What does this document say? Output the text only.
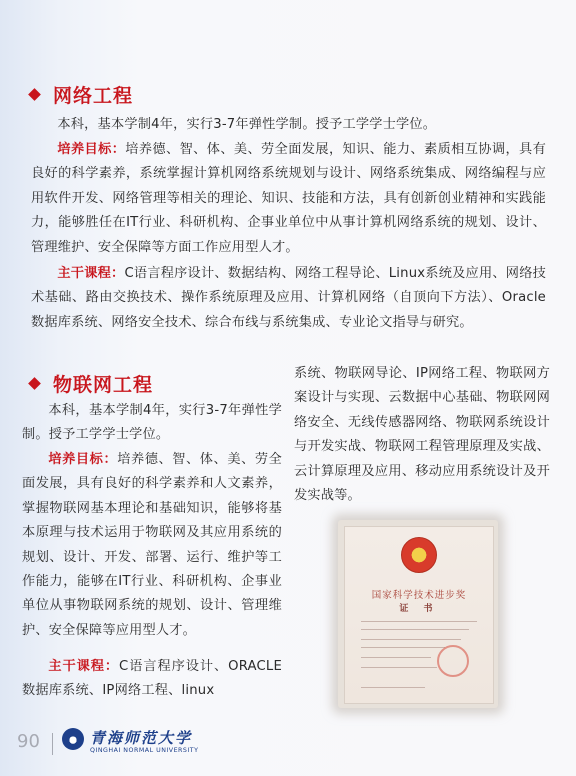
网络工程

本科，基本学制4年，实行3-7年弹性学制。授予工学学士学位。

培养目标：培养德、智、体、美、劳全面发展，知识、能力、素质相互协调，具有良好的科学素养，系统掌握计算机网络系统规划与设计、网络系统集成、网络编程与应用软件开发、网络管理等相关的理论、知识、技能和方法，具有创新创业精神和实践能力，能够胜任在IT行业、科研机构、企事业单位中从事计算机网络系统的规划、设计、管理维护、安全保障等方面工作应用型人才。

主干课程：C语言程序设计、数据结构、网络工程导论、Linux系统及应用、网络技术基础、路由交换技术、操作系统原理及应用、计算机网络（自顶向下方法）、Oracle数据库系统、网络安全技术、综合布线与系统集成、专业论文指导与研究。

物联网工程

本科，基本学制4年，实行3-7年弹性学制。授予工学学士学位。

培养目标：培养德、智、体、美、劳全面发展，具有良好的科学素养和人文素养，掌握物联网基本理论和基础知识，能够将基本原理与技术运用于物联网及其应用系统的规划、设计、开发、部署、运行、维护等工作能力，能够在IT行业、科研机构、企事业单位从事物联网系统的规划、设计、管理维护、安全保障等应用型人才。

主干课程：C语言程序设计、ORACLE数据库系统、IP网络工程、linux

系统、物联网导论、IP网络工程、物联网方案设计与实现、云数据中心基础、物联网网络安全、无线传感器网络、物联网系统设计与开发实战、物联网工程管理原理及实战、云计算原理及应用、移动应用系统设计及开发实战等。

国家科学技术进步奖
证 书
90	青海师范大学
QINGHAI NORMAL UNIVERSITY
